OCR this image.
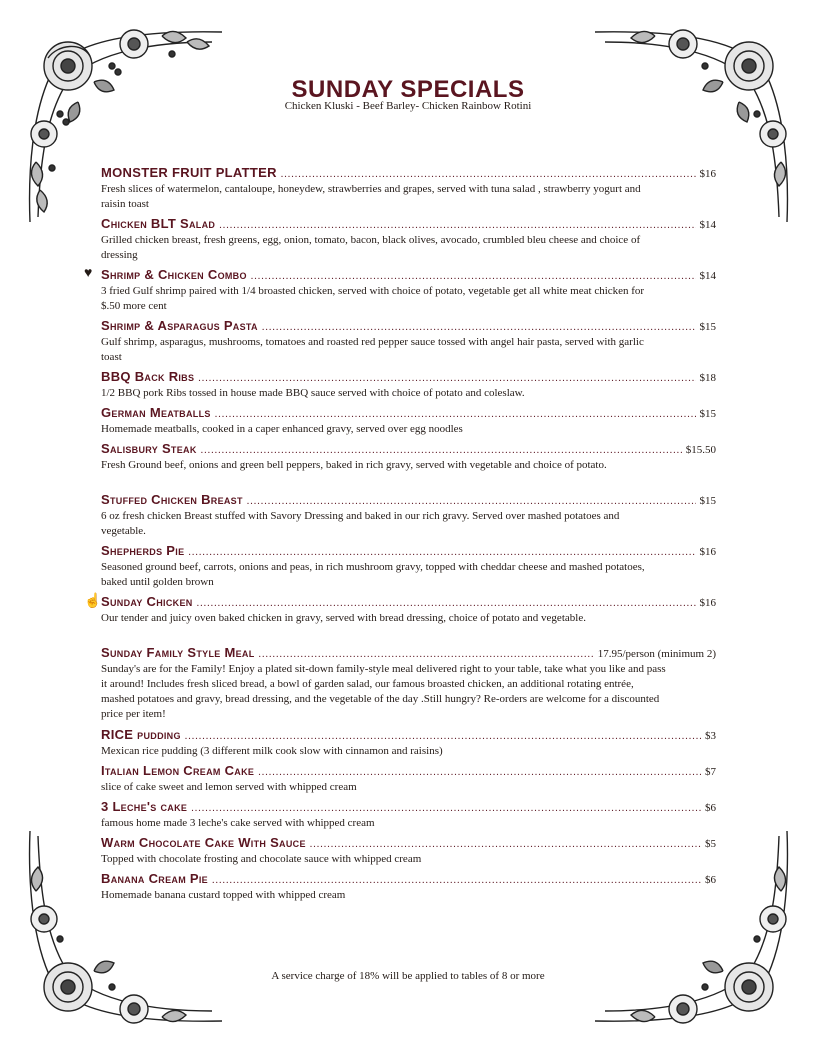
SUNDAY SPECIALS
Chicken Kluski - Beef Barley- Chicken Rainbow Rotini
MONSTER FRUIT PLATTER .....	$16
Fresh slices of watermelon, cantaloupe, honeydew, strawberries and grapes, served with tuna salad , strawberry yogurt and raisin toast
Chicken BLT Salad .....	$14
Grilled chicken breast, fresh greens, egg, onion, tomato, bacon, black olives, avocado, crumbled bleu cheese and choice of dressing
♥ Shrimp & Chicken Combo .....	$14
3 fried Gulf shrimp paired with 1/4 broasted chicken, served with choice of potato, vegetable get all white meat chicken for $.50 more cent
Shrimp & Asparagus Pasta .....	$15
Gulf shrimp, asparagus, mushrooms, tomatoes and roasted red pepper sauce tossed with angel hair pasta, served with garlic toast
BBQ Back Ribs .....	$18
1/2 BBQ pork Ribs tossed in house made BBQ sauce served with choice of potato and coleslaw.
German Meatballs .....	$15
Homemade meatballs, cooked in a caper enhanced gravy, served over egg noodles
Salisbury Steak .....	$15.50
Fresh Ground beef, onions and green bell peppers, baked in rich gravy, served with vegetable and choice of potato.
Stuffed Chicken Breast .....	$15
6 oz fresh chicken Breast stuffed with Savory Dressing and baked in our rich gravy. Served over mashed potatoes and vegetable.
Shepherds Pie .....	$16
Seasoned ground beef, carrots, onions and peas, in rich mushroom gravy, topped with cheddar cheese and mashed potatoes, baked until golden brown
☝ Sunday Chicken .....	$16
Our tender and juicy oven baked chicken in gravy, served with bread dressing, choice of potato and vegetable.
Sunday Family Style Meal .....	17.95/person (minimum 2)
Sunday's are for the Family! Enjoy a plated sit-down family-style meal delivered right to your table, take what you like and pass it around! Includes fresh sliced bread, a bowl of garden salad, our famous broasted chicken, an additional rotating entrée, mashed potatoes and gravy, bread dressing, and the vegetable of the day .Still hungry? Re-orders are welcome for a discounted price per item!
RICE pudding .....	$3
Mexican rice pudding (3 different milk cook slow with cinnamon and raisins)
Italian Lemon Cream Cake .....	$7
slice of cake sweet and lemon served with whipped cream
3 Leche's cake .....	$6
famous home made 3 leche's cake served with whipped cream
Warm Chocolate Cake With Sauce .....	$5
Topped with chocolate frosting and chocolate sauce with whipped cream
Banana Cream Pie .....	$6
Homemade banana custard topped with whipped cream
A service charge of 18% will be applied to tables of 8 or more
